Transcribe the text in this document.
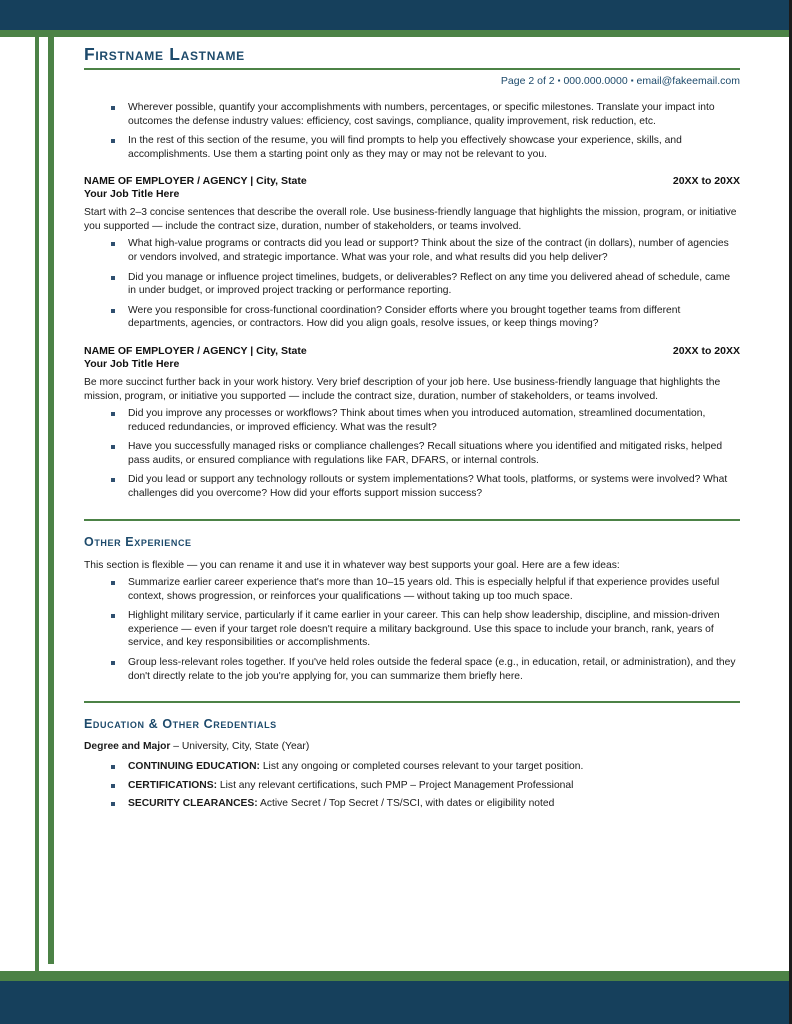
Firstname Lastname
Page 2 of 2 ▪ 000.000.0000 ▪ email@fakeemail.com
Wherever possible, quantify your accomplishments with numbers, percentages, or specific milestones. Translate your impact into outcomes the defense industry values: efficiency, cost savings, compliance, quality improvement, risk reduction, etc.
In the rest of this section of the resume, you will find prompts to help you effectively showcase your experience, skills, and accomplishments. Use them a starting point only as they may or may not be relevant to you.
NAME OF EMPLOYER / AGENCY | City, State	20XX to 20XX
Your Job Title Here
Start with 2–3 concise sentences that describe the overall role. Use business-friendly language that highlights the mission, program, or initiative you supported — include the contract size, duration, number of stakeholders, or teams involved.
What high-value programs or contracts did you lead or support? Think about the size of the contract (in dollars), number of agencies or vendors involved, and strategic importance. What was your role, and what results did you help deliver?
Did you manage or influence project timelines, budgets, or deliverables? Reflect on any time you delivered ahead of schedule, came in under budget, or improved project tracking or performance reporting.
Were you responsible for cross-functional coordination? Consider efforts where you brought together teams from different departments, agencies, or contractors. How did you align goals, resolve issues, or keep things moving?
NAME OF EMPLOYER / AGENCY | City, State	20XX to 20XX
Your Job Title Here
Be more succinct further back in your work history. Very brief description of your job here. Use business-friendly language that highlights the mission, program, or initiative you supported — include the contract size, duration, number of stakeholders, or teams involved.
Did you improve any processes or workflows? Think about times when you introduced automation, streamlined documentation, reduced redundancies, or improved efficiency. What was the result?
Have you successfully managed risks or compliance challenges? Recall situations where you identified and mitigated risks, helped pass audits, or ensured compliance with regulations like FAR, DFARS, or internal controls.
Did you lead or support any technology rollouts or system implementations? What tools, platforms, or systems were involved? What challenges did you overcome? How did your efforts support mission success?
Other Experience
This section is flexible — you can rename it and use it in whatever way best supports your goal. Here are a few ideas:
Summarize earlier career experience that's more than 10–15 years old. This is especially helpful if that experience provides useful context, shows progression, or reinforces your qualifications — without taking up too much space.
Highlight military service, particularly if it came earlier in your career. This can help show leadership, discipline, and mission-driven experience — even if your target role doesn't require a military background. Use this space to include your branch, rank, years of service, and key responsibilities or accomplishments.
Group less-relevant roles together. If you've held roles outside the federal space (e.g., in education, retail, or administration), and they don't directly relate to the job you're applying for, you can summarize them briefly here.
Education & Other Credentials
Degree and Major – University, City, State (Year)
CONTINUING EDUCATION: List any ongoing or completed courses relevant to your target position.
CERTIFICATIONS: List any relevant certifications, such PMP – Project Management Professional
SECURITY CLEARANCES: Active Secret / Top Secret / TS/SCI, with dates or eligibility noted
